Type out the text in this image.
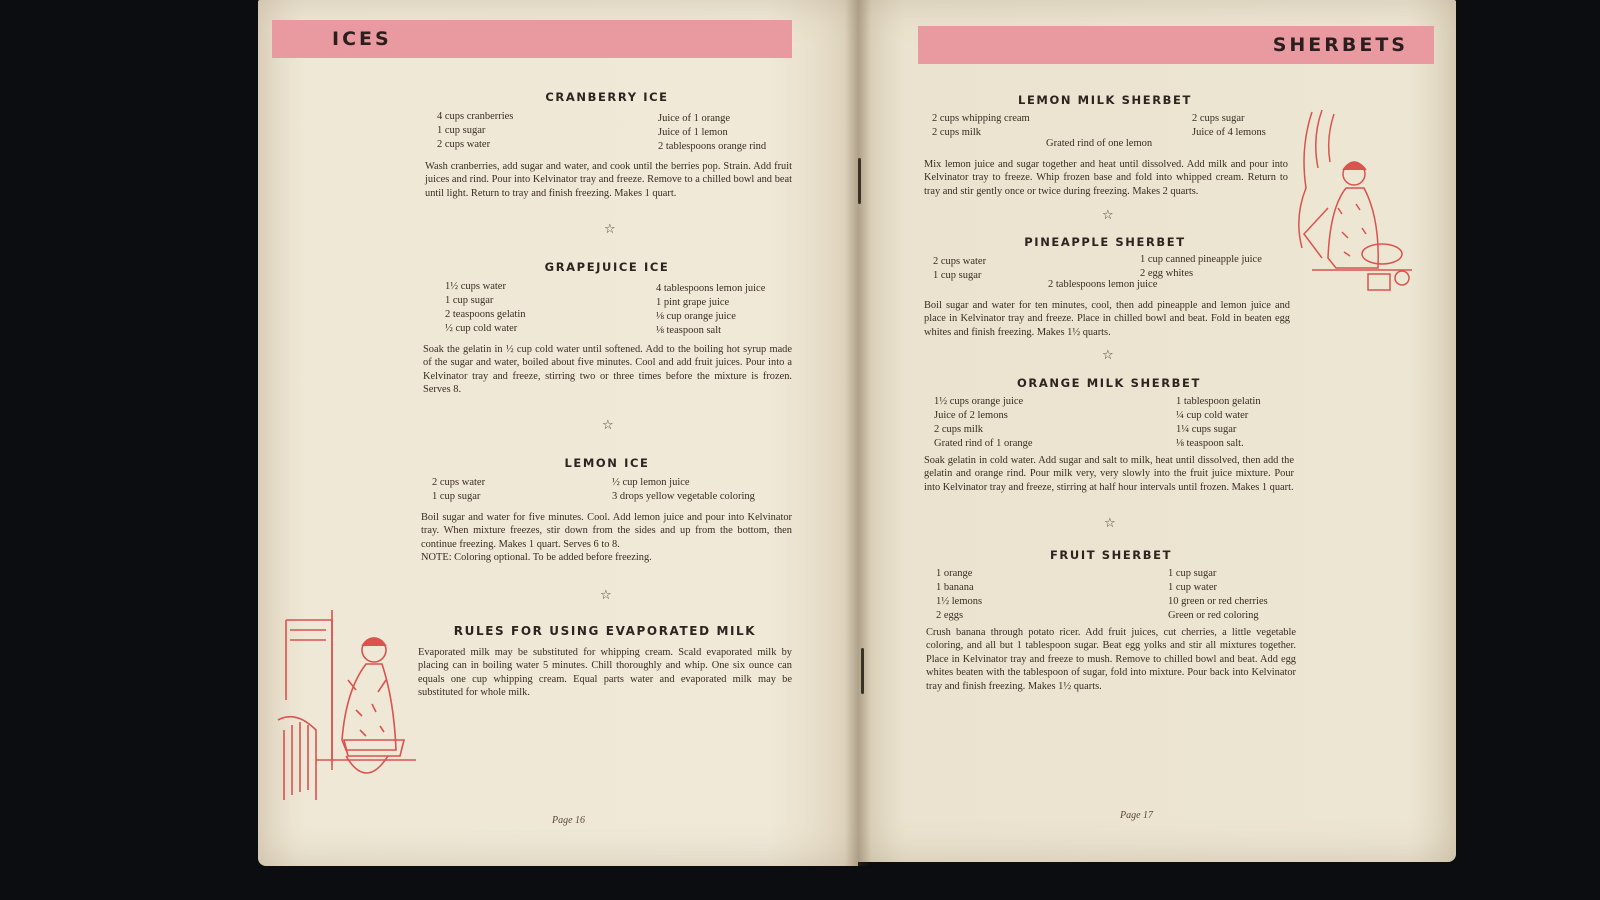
ICES
CRANBERRY ICE
4 cups cranberries
1 cup sugar
2 cups water
Juice of 1 orange
Juice of 1 lemon
2 tablespoons orange rind
Wash cranberries, add sugar and water, and cook until the berries pop. Strain. Add fruit juices and rind. Pour into Kelvinator tray and freeze. Remove to a chilled bowl and beat until light. Return to tray and finish freezing. Makes 1 quart.
☆
GRAPEJUICE ICE
1½ cups water
1 cup sugar
2 teaspoons gelatin
½ cup cold water
4 tablespoons lemon juice
1 pint grape juice
⅛ cup orange juice
⅛ teaspoon salt
Soak the gelatin in ½ cup cold water until softened. Add to the boiling hot syrup made of the sugar and water, boiled about five minutes. Cool and add fruit juices. Pour into a Kelvinator tray and freeze, stirring two or three times before the mixture is frozen. Serves 8.
☆
LEMON ICE
2 cups water
1 cup sugar
½ cup lemon juice
3 drops yellow vegetable coloring
Boil sugar and water for five minutes. Cool. Add lemon juice and pour into Kelvinator tray. When mixture freezes, stir down from the sides and up from the bottom, then continue freezing. Makes 1 quart. Serves 6 to 8.
NOTE: Coloring optional. To be added before freezing.
☆
RULES FOR USING EVAPORATED MILK
Evaporated milk may be substituted for whipping cream. Scald evaporated milk by placing can in boiling water 5 minutes. Chill thoroughly and whip. One six ounce can equals one cup whipping cream. Equal parts water and evaporated milk may be substituted for whole milk.
Page 16
SHERBETS
LEMON MILK SHERBET
2 cups whipping cream
2 cups milk
2 cups sugar
Juice of 4 lemons
Grated rind of one lemon
Mix lemon juice and sugar together and heat until dissolved. Add milk and pour into Kelvinator tray to freeze. Whip frozen base and fold into whipped cream. Return to tray and stir gently once or twice during freezing. Makes 2 quarts.
☆
PINEAPPLE SHERBET
2 cups water
1 cup sugar
1 cup canned pineapple juice
2 egg whites
2 tablespoons lemon juice
Boil sugar and water for ten minutes, cool, then add pineapple and lemon juice and place in Kelvinator tray and freeze. Place in chilled bowl and beat. Fold in beaten egg whites and finish freezing. Makes 1½ quarts.
☆
ORANGE MILK SHERBET
1½ cups orange juice
Juice of 2 lemons
2 cups milk
Grated rind of 1 orange
1 tablespoon gelatin
¼ cup cold water
1¼ cups sugar
⅛ teaspoon salt.
Soak gelatin in cold water. Add sugar and salt to milk, heat until dissolved, then add the gelatin and orange rind. Pour milk very, very slowly into the fruit juice mixture. Pour into Kelvinator tray and freeze, stirring at half hour intervals until frozen. Makes 1 quart.
☆
FRUIT SHERBET
1 orange
1 banana
1½ lemons
2 eggs
1 cup sugar
1 cup water
10 green or red cherries
Green or red coloring
Crush banana through potato ricer. Add fruit juices, cut cherries, a little vegetable coloring, and all but 1 tablespoon sugar. Beat egg yolks and stir all mixtures together. Place in Kelvinator tray and freeze to mush. Remove to chilled bowl and beat. Add egg whites beaten with the tablespoon of sugar, fold into mixture. Pour back into Kelvinator tray and finish freezing. Makes 1½ quarts.
Page 17
